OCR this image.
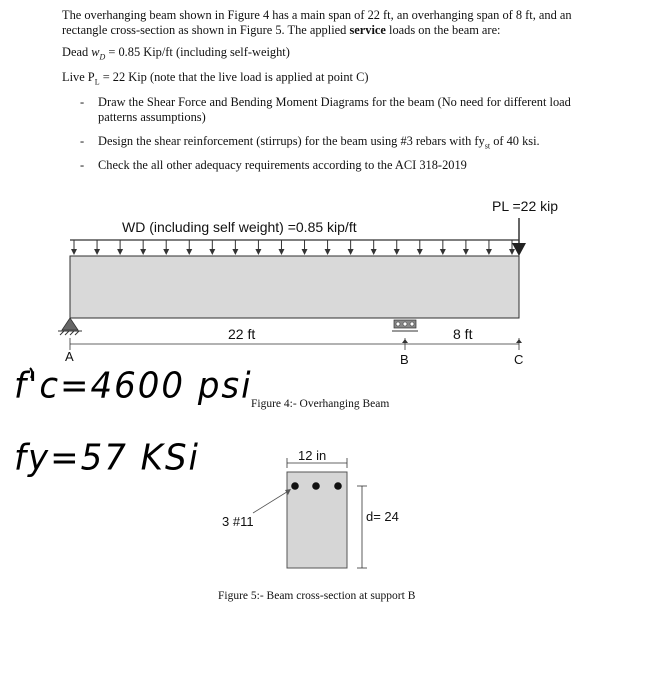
The overhanging beam shown in Figure 4 has a main span of 22 ft, an overhanging span of 8 ft, and an rectangle cross-section as shown in Figure 5. The applied service loads on the beam are:
Dead $w_D = 0.85$ Kip/ft (including self-weight)
Live $P_L = 22$ Kip (note that the live load is applied at point C)
- Draw the Shear Force and Bending Moment Diagrams for the beam (No need for different load patterns assumptions)
- Design the shear reinforcement (stirrups) for the beam using #3 rebars with $fy_{st}$ of 40 ksi.
- Check the all other adequacy requirements according to the ACI 318-2019
WD (including self weight) =0.85 kip/ft
PL =22 kip
22 ft	8 ft
A	B	C
Figure 4:- Overhanging Beam
f'c=4600 psi
fy=57 KSi	12 in
d= 24
3 #11
Figure 5:- Beam cross-section at support B
